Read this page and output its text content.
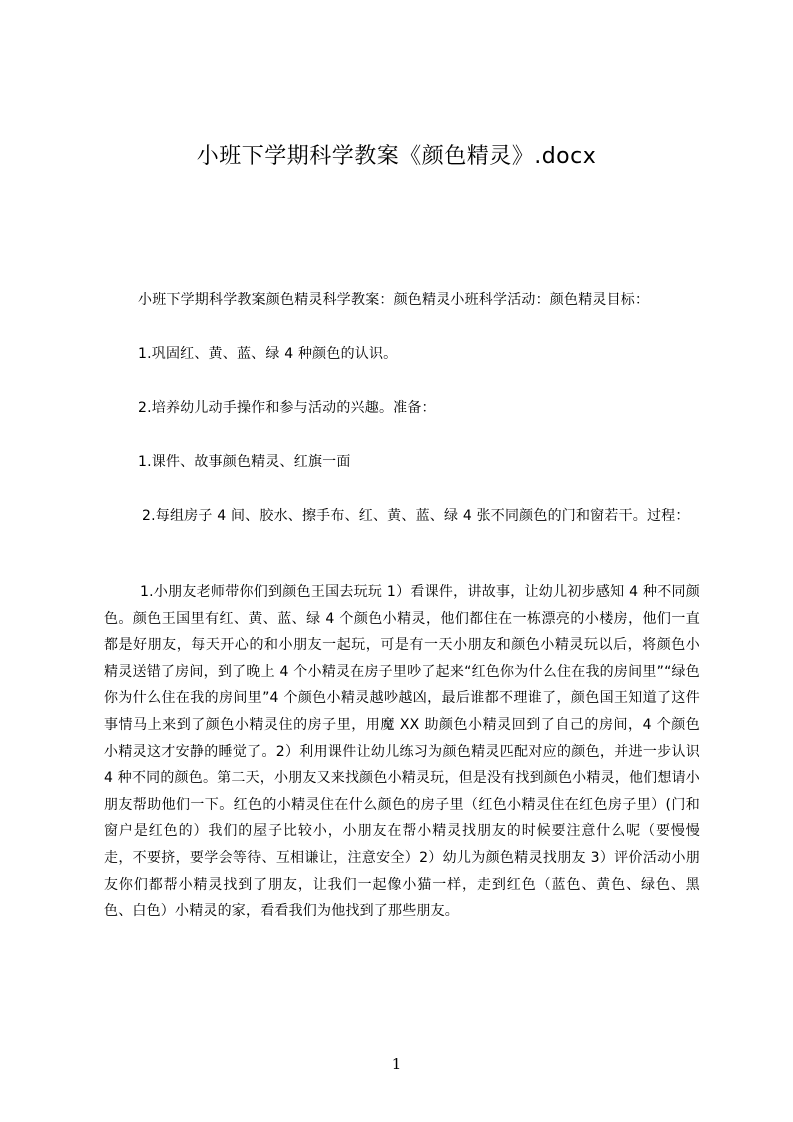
小班下学期科学教案《颜色精灵》.docx
小班下学期科学教案颜色精灵科学教案：颜色精灵小班科学活动：颜色精灵目标：
1.巩固红、黄、蓝、绿 4 种颜色的认识。
2.培养幼儿动手操作和参与活动的兴趣。准备：
1.课件、故事颜色精灵、红旗一面
2.每组房子 4 间、胶水、擦手布、红、黄、蓝、绿 4 张不同颜色的门和窗若干。过程：
1.小朋友老师带你们到颜色王国去玩玩 1）看课件，讲故事，让幼儿初步感知 4 种不同颜色。颜色王国里有红、黄、蓝、绿 4 个颜色小精灵，他们都住在一栋漂亮的小楼房，他们一直都是好朋友，每天开心的和小朋友一起玩，可是有一天小朋友和颜色小精灵玩以后，将颜色小精灵送错了房间，到了晚上 4 个小精灵在房子里吵了起来“红色你为什么住在我的房间里”“绿色你为什么住在我的房间里”4 个颜色小精灵越吵越凶，最后谁都不理谁了，颜色国王知道了这件事情马上来到了颜色小精灵住的房子里，用魔 XX 助颜色小精灵回到了自己的房间，4 个颜色小精灵这才安静的睡觉了。2）利用课件让幼儿练习为颜色精灵匹配对应的颜色，并进一步认识 4 种不同的颜色。第二天，小朋友又来找颜色小精灵玩，但是没有找到颜色小精灵，他们想请小朋友帮助他们一下。红色的小精灵住在什么颜色的房子里（红色小精灵住在红色房子里）(门和窗户是红色的）我们的屋子比较小，小朋友在帮小精灵找朋友的时候要注意什么呢（要慢慢走，不要挤，要学会等待、互相谦让，注意安全）2）幼儿为颜色精灵找朋友 3）评价活动小朋友你们都帮小精灵找到了朋友，让我们一起像小猫一样，走到红色（蓝色、黄色、绿色、黑色、白色）小精灵的家，看看我们为他找到了那些朋友。
1
